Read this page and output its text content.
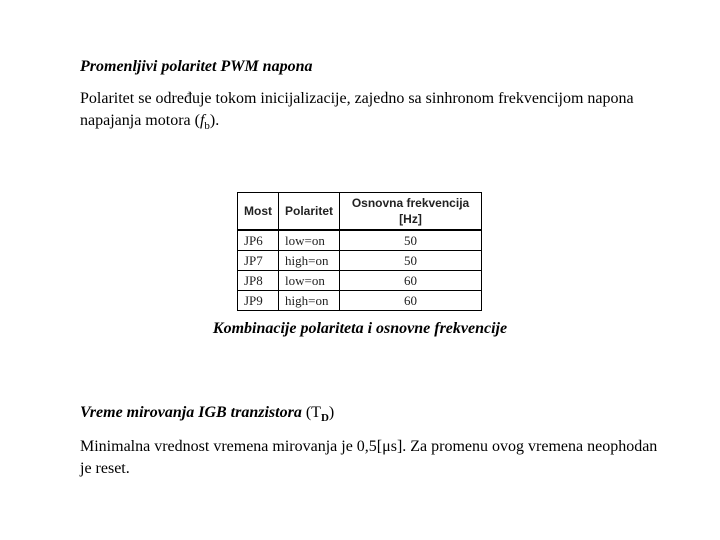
Promenljivi polaritet PWM napona
Polaritet se određuje tokom inicijalizacije, zajedno sa sinhronom frekvencijom napona napajanja motora $(f_b)$.
Most	Polaritet	Osnovna frekvencija [Hz]
JP6	low=on	50
JP7	high=on	50
JP8	low=on	60
JP9	high=on	60
Kombinacije polariteta i osnovne frekvencije
Vreme mirovanja IGB tranzistora $(T_D)$
Minimalna vrednost vremena mirovanja je 0,5[μs]. Za promenu ovog vremena neophodan je reset.
